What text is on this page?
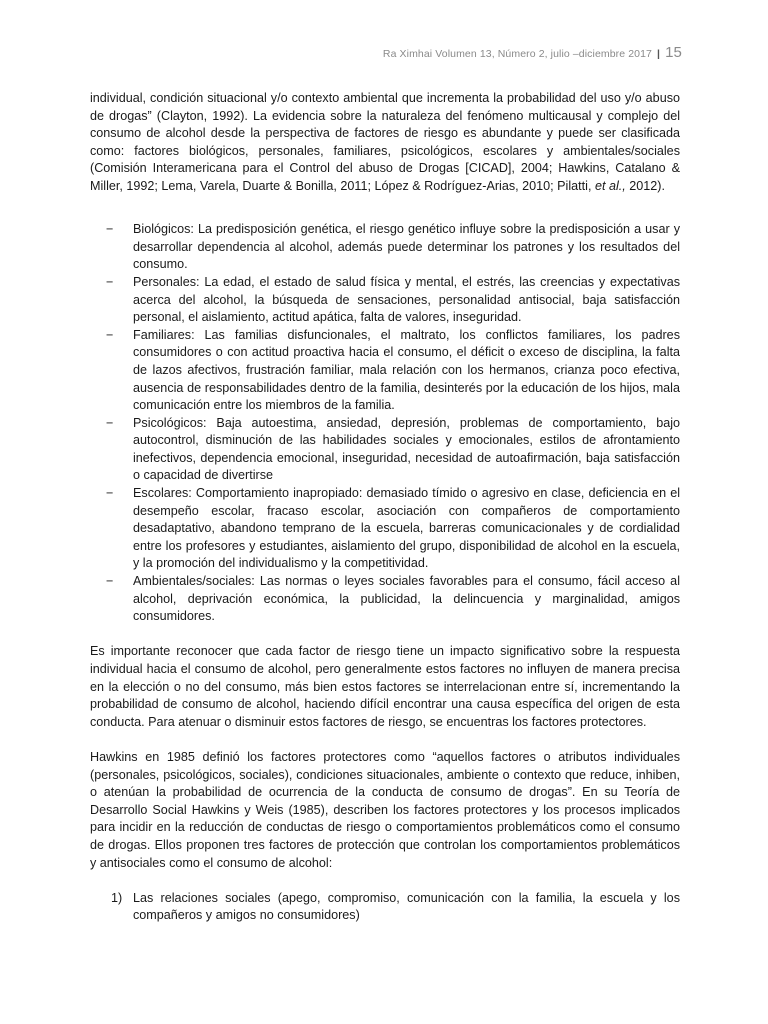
Ra Ximhai Volumen 13, Número 2, julio –diciembre 2017 | 15

individual, condición situacional y/o contexto ambiental que incrementa la probabilidad del uso y/o abuso de drogas” (Clayton, 1992). La evidencia sobre la naturaleza del fenómeno multicausal y complejo del consumo de alcohol desde la perspectiva de factores de riesgo es abundante y puede ser clasificada como: factores biológicos, personales, familiares, psicológicos, escolares y ambientales/sociales (Comisión Interamericana para el Control del abuso de Drogas [CICAD], 2004; Hawkins, Catalano & Miller, 1992; Lema, Varela, Duarte & Bonilla, 2011; López & Rodríguez-Arias, 2010; Pilatti, et al., 2012).

− Biológicos: La predisposición genética, el riesgo genético influye sobre la predisposición a usar y desarrollar dependencia al alcohol, además puede determinar los patrones y los resultados del consumo.
− Personales: La edad, el estado de salud física y mental, el estrés, las creencias y expectativas acerca del alcohol, la búsqueda de sensaciones, personalidad antisocial, baja satisfacción personal, el aislamiento, actitud apática, falta de valores, inseguridad.
− Familiares: Las familias disfuncionales, el maltrato, los conflictos familiares, los padres consumidores o con actitud proactiva hacia el consumo, el déficit o exceso de disciplina, la falta de lazos afectivos, frustración familiar, mala relación con los hermanos, crianza poco efectiva, ausencia de responsabilidades dentro de la familia, desinterés por la educación de los hijos, mala comunicación entre los miembros de la familia.
− Psicológicos: Baja autoestima, ansiedad, depresión, problemas de comportamiento, bajo autocontrol, disminución de las habilidades sociales y emocionales, estilos de afrontamiento inefectivos, dependencia emocional, inseguridad, necesidad de autoafirmación, baja satisfacción o capacidad de divertirse
− Escolares: Comportamiento inapropiado: demasiado tímido o agresivo en clase, deficiencia en el desempeño escolar, fracaso escolar, asociación con compañeros de comportamiento desadaptativo, abandono temprano de la escuela, barreras comunicacionales y de cordialidad entre los profesores y estudiantes, aislamiento del grupo, disponibilidad de alcohol en la escuela, y la promoción del individualismo y la competitividad.
− Ambientales/sociales: Las normas o leyes sociales favorables para el consumo, fácil acceso al alcohol, deprivación económica, la publicidad, la delincuencia y marginalidad, amigos consumidores.

Es importante reconocer que cada factor de riesgo tiene un impacto significativo sobre la respuesta individual hacia el consumo de alcohol, pero generalmente estos factores no influyen de manera precisa en la elección o no del consumo, más bien estos factores se interrelacionan entre sí, incrementando la probabilidad de consumo de alcohol, haciendo difícil encontrar una causa específica del origen de esta conducta. Para atenuar o disminuir estos factores de riesgo, se encuentras los factores protectores.

Hawkins en 1985 definió los factores protectores como “aquellos factores o atributos individuales (personales, psicológicos, sociales), condiciones situacionales, ambiente o contexto que reduce, inhiben, o atenúan la probabilidad de ocurrencia de la conducta de consumo de drogas”. En su Teoría de Desarrollo Social Hawkins y Weis (1985), describen los factores protectores y los procesos implicados para incidir en la reducción de conductas de riesgo o comportamientos problemáticos como el consumo de drogas. Ellos proponen tres factores de protección que controlan los comportamientos problemáticos y antisociales como el consumo de alcohol:

1) Las relaciones sociales (apego, compromiso, comunicación con la familia, la escuela y los compañeros y amigos no consumidores)
